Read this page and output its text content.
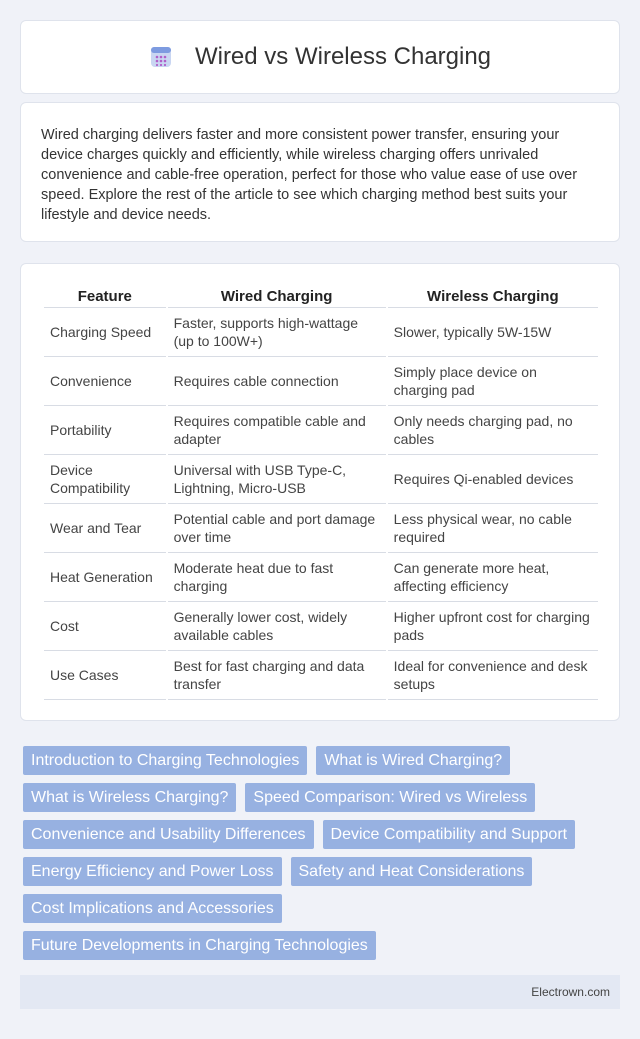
Wired vs Wireless Charging

Wired charging delivers faster and more consistent power transfer, ensuring your device charges quickly and efficiently, while wireless charging offers unrivaled convenience and cable-free operation, perfect for those who value ease of use over speed. Explore the rest of the article to see which charging method best suits your lifestyle and device needs.

Feature	Wired Charging	Wireless Charging
Charging Speed	Faster, supports high-wattage (up to 100W+)	Slower, typically 5W-15W
Convenience	Requires cable connection	Simply place device on charging pad
Portability	Requires compatible cable and adapter	Only needs charging pad, no cables
Device Compatibility	Universal with USB Type-C, Lightning, Micro-USB	Requires Qi-enabled devices
Wear and Tear	Potential cable and port damage over time	Less physical wear, no cable required
Heat Generation	Moderate heat due to fast charging	Can generate more heat, affecting efficiency
Cost	Generally lower cost, widely available cables	Higher upfront cost for charging pads
Use Cases	Best for fast charging and data transfer	Ideal for convenience and desk setups
Introduction to Charging Technologies	What is Wired Charging?
What is Wireless Charging?	Speed Comparison: Wired vs Wireless
Convenience and Usability Differences	Device Compatibility and Support
Energy Efficiency and Power Loss	Safety and Heat Considerations
Cost Implications and Accessories
Future Developments in Charging Technologies
Electrown.com
